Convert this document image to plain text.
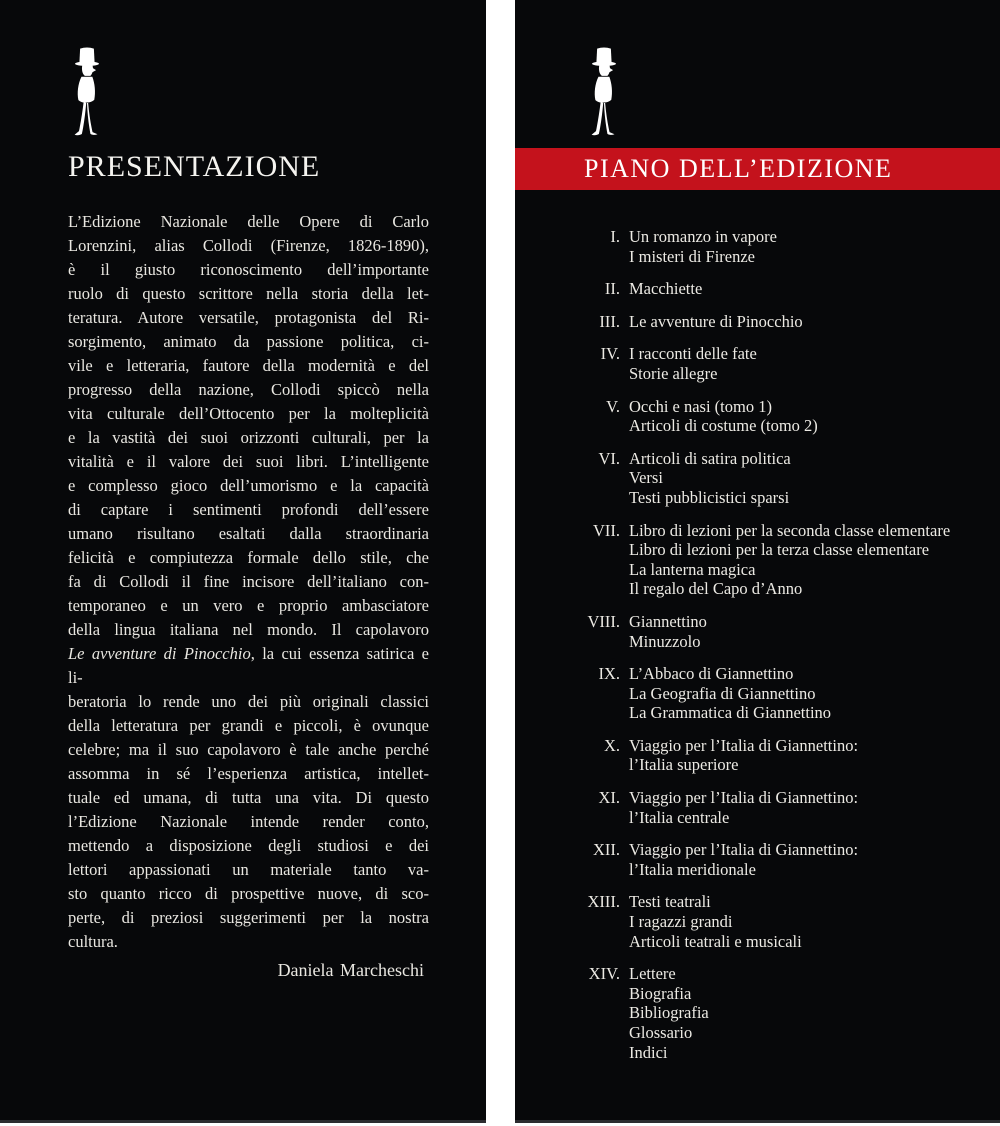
PRESENTAZIONE
L’Edizione Nazionale delle Opere di Carlo
Lorenzini, alias Collodi (Firenze, 1826-1890),
è il giusto riconoscimento dell’importante
ruolo di questo scrittore nella storia della let-
teratura. Autore versatile, protagonista del Ri-
sorgimento, animato da passione politica, ci-
vile e letteraria, fautore della modernità e del
progresso della nazione, Collodi spiccò nella
vita culturale dell’Ottocento per la molteplicità
e la vastità dei suoi orizzonti culturali, per la
vitalità e il valore dei suoi libri. L’intelligente
e complesso gioco dell’umorismo e la capacità
di captare i sentimenti profondi dell’essere
umano risultano esaltati dalla straordinaria
felicità e compiutezza formale dello stile, che
fa di Collodi il fine incisore dell’italiano con-
temporaneo e un vero e proprio ambasciatore
della lingua italiana nel mondo. Il capolavoro
Le avventure di Pinocchio, la cui essenza satirica e li-
beratoria lo rende uno dei più originali classici
della letteratura per grandi e piccoli, è ovunque
celebre; ma il suo capolavoro è tale anche perché
assomma in sé l’esperienza artistica, intellet-
tuale ed umana, di tutta una vita. Di questo
l’Edizione Nazionale intende render conto,
mettendo a disposizione degli studiosi e dei
lettori appassionati un materiale tanto va-
sto quanto ricco di prospettive nuove, di sco-
perte, di preziosi suggerimenti per la nostra
cultura.
Daniela Marcheschi
PIANO DELL’EDIZIONE
I. Un romanzo in vapore
I misteri di Firenze
II. Macchiette
III. Le avventure di Pinocchio
IV. I racconti delle fate
Storie allegre
V. Occhi e nasi (tomo 1)
Articoli di costume (tomo 2)
VI. Articoli di satira politica
Versi
Testi pubblicistici sparsi
VII. Libro di lezioni per la seconda classe elementare
Libro di lezioni per la terza classe elementare
La lanterna magica
Il regalo del Capo d’Anno
VIII. Giannettino
Minuzzolo
IX. L’Abbaco di Giannettino
La Geografia di Giannettino
La Grammatica di Giannettino
X. Viaggio per l’Italia di Giannettino:
l’Italia superiore
XI. Viaggio per l’Italia di Giannettino:
l’Italia centrale
XII. Viaggio per l’Italia di Giannettino:
l’Italia meridionale
XIII. Testi teatrali
I ragazzi grandi
Articoli teatrali e musicali
XIV. Lettere
Biografia
Bibliografia
Glossario
Indici
